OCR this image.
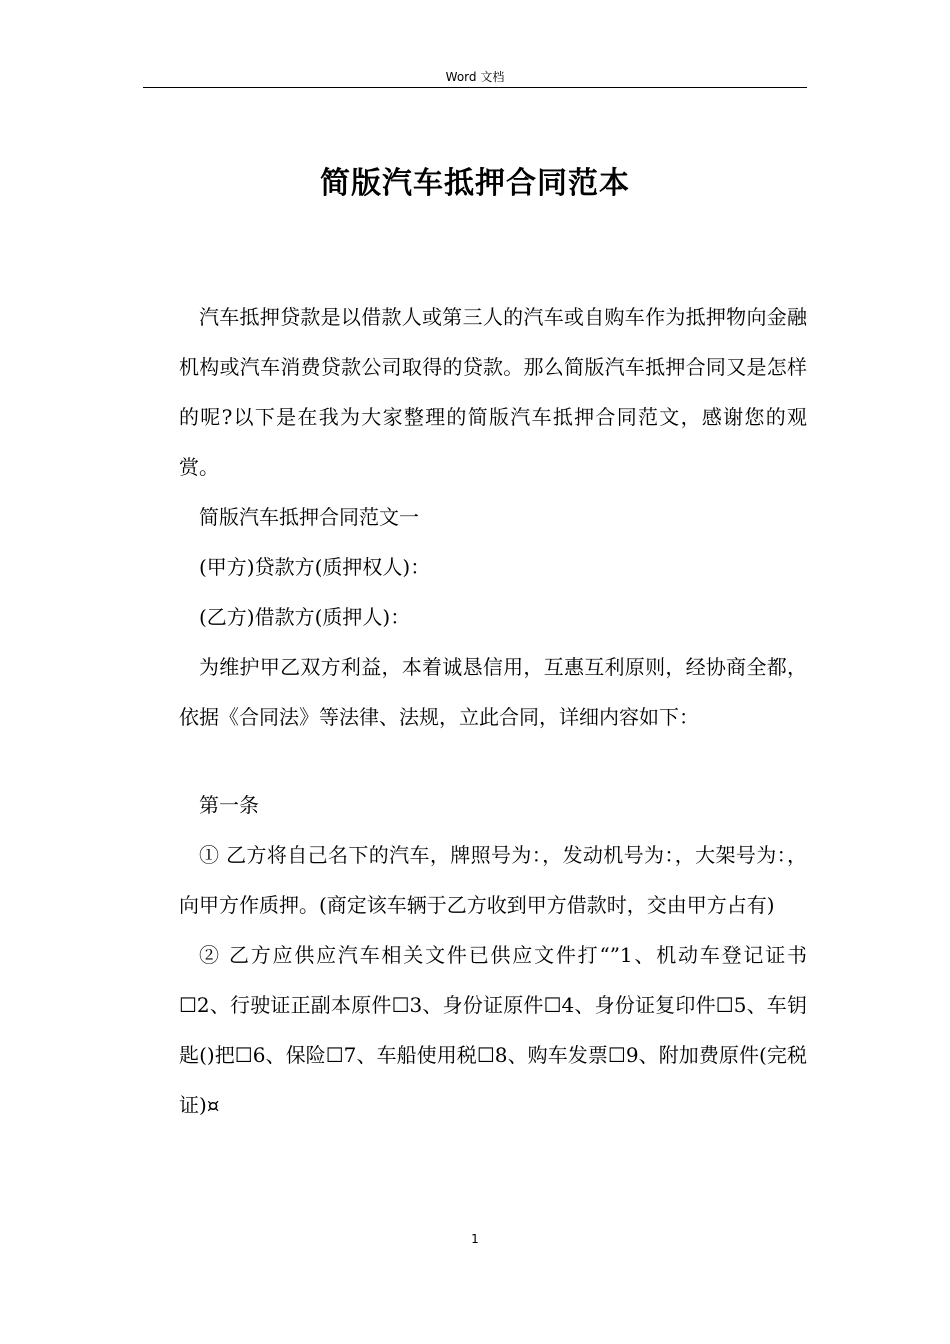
Word 文档
简版汽车抵押合同范本

汽车抵押贷款是以借款人或第三人的汽车或自购车作为抵押物向金融机构或汽车消费贷款公司取得的贷款。那么简版汽车抵押合同又是怎样的呢?以下是在我为大家整理的简版汽车抵押合同范文，感谢您的观赏。

简版汽车抵押合同范文一

(甲方)贷款方(质押权人)：

(乙方)借款方(质押人)：

为维护甲乙双方利益，本着诚恳信用，互惠互利原则，经协商全都，依据《合同法》等法律、法规，立此合同，详细内容如下：

第一条

① 乙方将自己名下的汽车，牌照号为：，发动机号为：，大架号为：，向甲方作质押。(商定该车辆于乙方收到甲方借款时，交由甲方占有)

② 乙方应供应汽车相关文件已供应文件打“”1、机动车登记证书☐2、行驶证正副本原件☐3、身份证原件☐4、身份证复印件☐5、车钥匙()把☐6、保险☐7、车船使用税☐8、购车发票☐9、附加费原件(完税证)¤

1
